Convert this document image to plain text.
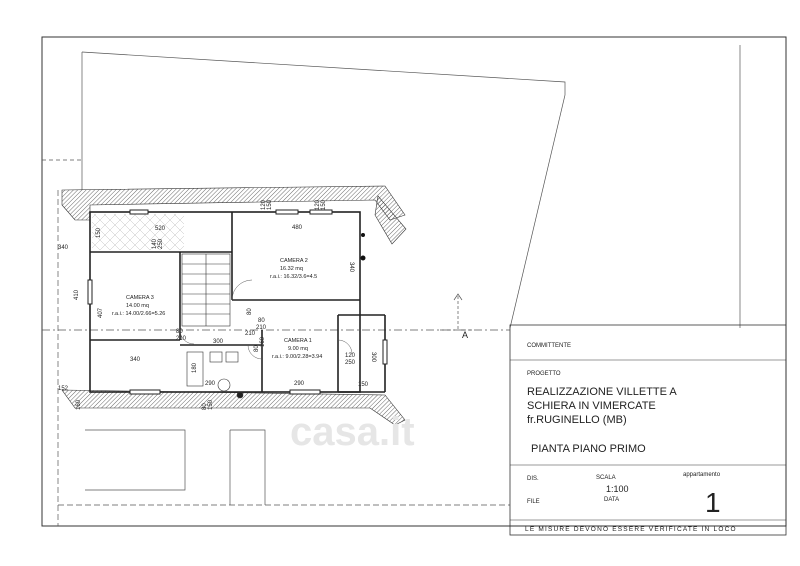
A
520
150
140 250
120 150	120 150
480
340
340
410
407
340
152
160
80
210
80
210
300
80
210
80
180
290	290
120
250
150
300
80 150
160
CAMERA 2
16.32 mq
r.a.i.: 16.32/3.6=4.5
CAMERA 3
14.00 mq
r.a.i.: 14.00/2.66=5.26
CAMERA 1
9.00 mq
r.a.i.: 9.00/2.28=3.94
casa.it
COMMITTENTE
PROGETTO
REALIZZAZIONE VILLETTE A
SCHIERA IN VIMERCATE
fr.RUGINELLO (MB)
PIANTA PIANO PRIMO
DIS.	SCALA	appartamento
1:100	1
FILE	DATA
LE MISURE DEVONO ESSERE VERIFICATE IN LOCO
